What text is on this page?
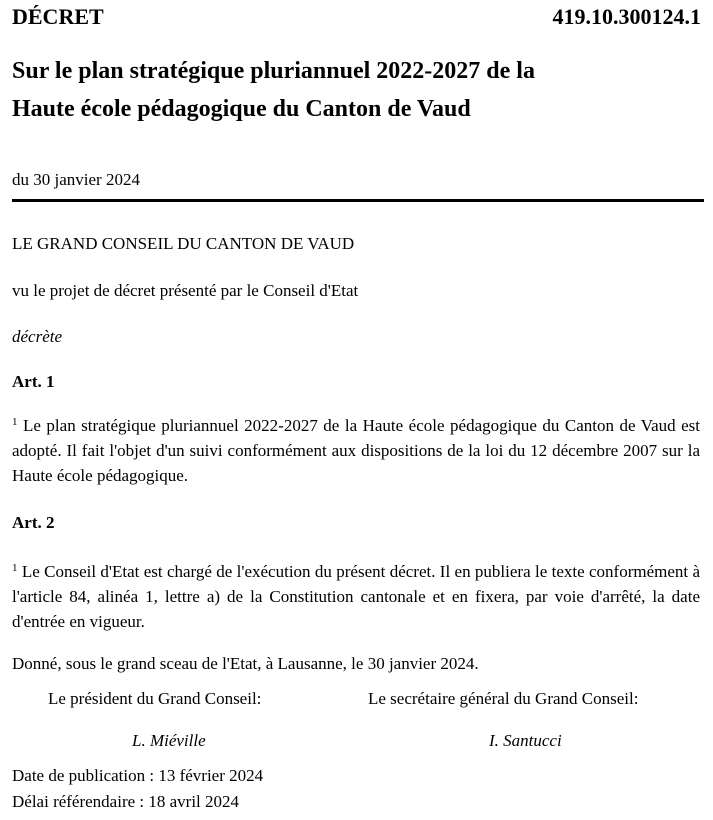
DÉCRET	419.10.300124.1
Sur le plan stratégique pluriannuel 2022-2027 de la
Haute école pédagogique du Canton de Vaud
du 30 janvier 2024
LE GRAND CONSEIL DU CANTON DE VAUD
vu le projet de décret présenté par le Conseil d'Etat
décrète
Art. 1
$^1$ Le plan stratégique pluriannuel 2022-2027 de la Haute école pédagogique du Canton de Vaud est adopté. Il fait l'objet d'un suivi conformément aux dispositions de la loi du 12 décembre 2007 sur la Haute école pédagogique.
Art. 2
$^1$ Le Conseil d'Etat est chargé de l'exécution du présent décret. Il en publiera le texte conformément à l'article 84, alinéa 1, lettre a) de la Constitution cantonale et en fixera, par voie d'arrêté, la date d'entrée en vigueur.
Donné, sous le grand sceau de l'Etat, à Lausanne, le 30 janvier 2024.
Le président du Grand Conseil:	Le secrétaire général du Grand Conseil:
L. Miéville	I. Santucci
Date de publication : 13 février 2024
Délai référendaire : 18 avril 2024
